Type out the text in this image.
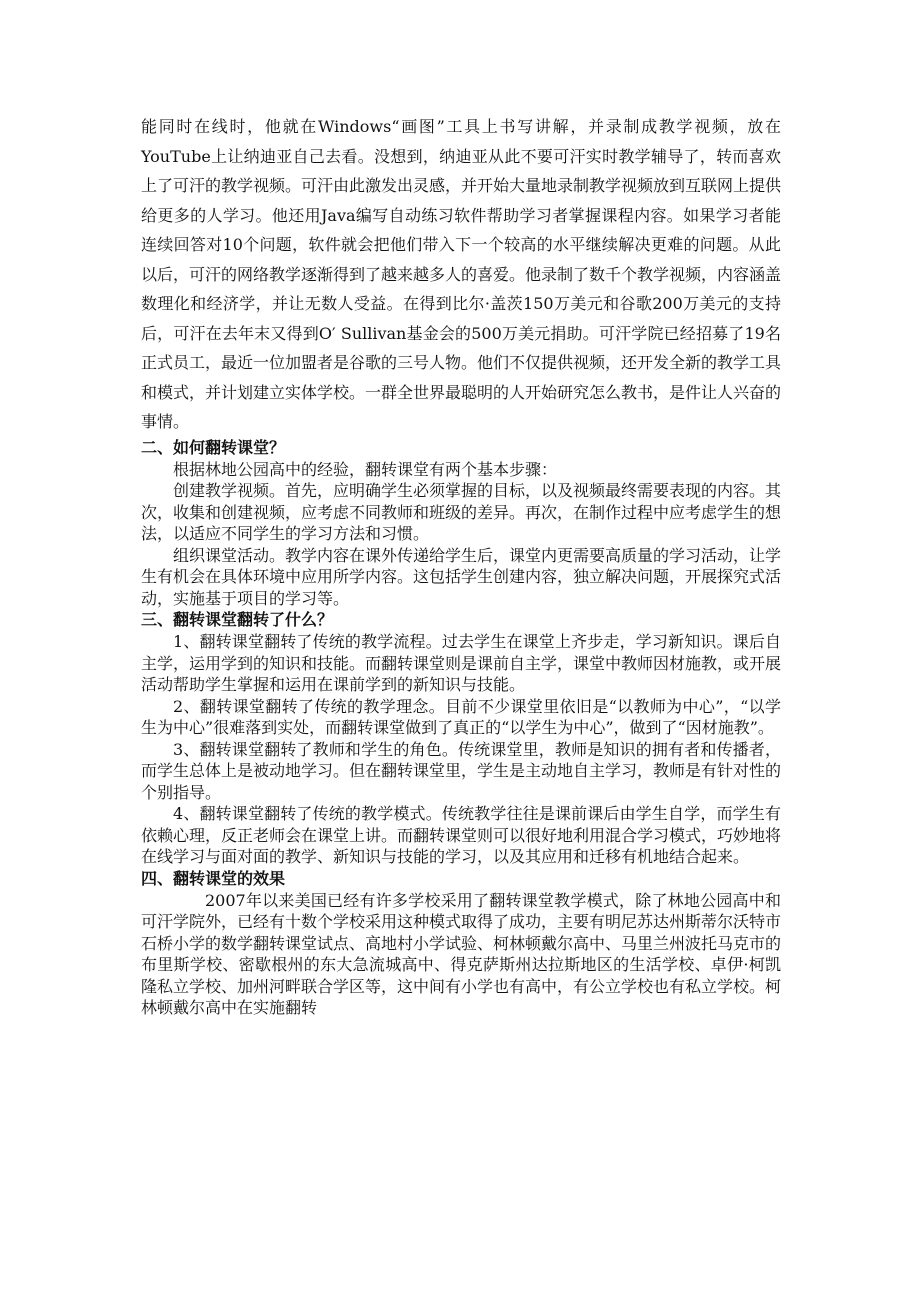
能同时在线时，他就在Windows“画图”工具上书写讲解，并录制成教学视频，放在YouTube上让纳迪亚自己去看。没想到，纳迪亚从此不要可汗实时教学辅导了，转而喜欢上了可汗的教学视频。可汗由此激发出灵感，并开始大量地录制教学视频放到互联网上提供给更多的人学习。他还用Java编写自动练习软件帮助学习者掌握课程内容。如果学习者能连续回答对10个问题，软件就会把他们带入下一个较高的水平继续解决更难的问题。从此以后，可汗的网络教学逐渐得到了越来越多人的喜爱。他录制了数千个教学视频，内容涵盖数理化和经济学，并让无数人受益。在得到比尔·盖茨150万美元和谷歌200万美元的支持后，可汗在去年末又得到O′ Sullivan基金会的500万美元捐助。可汗学院已经招募了19名正式员工，最近一位加盟者是谷歌的三号人物。他们不仅提供视频，还开发全新的教学工具和模式，并计划建立实体学校。一群全世界最聪明的人开始研究怎么教书，是件让人兴奋的事情。

二、如何翻转课堂？

根据林地公园高中的经验，翻转课堂有两个基本步骤：

创建教学视频。首先，应明确学生必须掌握的目标，以及视频最终需要表现的内容。其次，收集和创建视频，应考虑不同教师和班级的差异。再次，在制作过程中应考虑学生的想法，以适应不同学生的学习方法和习惯。

组织课堂活动。教学内容在课外传递给学生后，课堂内更需要高质量的学习活动，让学生有机会在具体环境中应用所学内容。这包括学生创建内容，独立解决问题，开展探究式活动，实施基于项目的学习等。

三、翻转课堂翻转了什么？

1、翻转课堂翻转了传统的教学流程。过去学生在课堂上齐步走，学习新知识。课后自主学，运用学到的知识和技能。而翻转课堂则是课前自主学，课堂中教师因材施教，或开展活动帮助学生掌握和运用在课前学到的新知识与技能。

2、翻转课堂翻转了传统的教学理念。目前不少课堂里依旧是“以教师为中心”，“以学生为中心”很难落到实处，而翻转课堂做到了真正的“以学生为中心”，做到了“因材施教”。

3、翻转课堂翻转了教师和学生的角色。传统课堂里，教师是知识的拥有者和传播者，而学生总体上是被动地学习。但在翻转课堂里，学生是主动地自主学习，教师是有针对性的个别指导。

4、翻转课堂翻转了传统的教学模式。传统教学往往是课前课后由学生自学，而学生有依赖心理，反正老师会在课堂上讲。而翻转课堂则可以很好地利用混合学习模式，巧妙地将在线学习与面对面的教学、新知识与技能的学习，以及其应用和迁移有机地结合起来。

四、翻转课堂的效果

2007年以来美国已经有许多学校采用了翻转课堂教学模式，除了林地公园高中和可汗学院外，已经有十数个学校采用这种模式取得了成功，主要有明尼苏达州斯蒂尔沃特市石桥小学的数学翻转课堂试点、高地村小学试验、柯林顿戴尔高中、马里兰州波托马克市的布里斯学校、密歇根州的东大急流城高中、得克萨斯州达拉斯地区的生活学校、卓伊·柯凯隆私立学校、加州河畔联合学区等，这中间有小学也有高中，有公立学校也有私立学校。柯林顿戴尔高中在实施翻转
